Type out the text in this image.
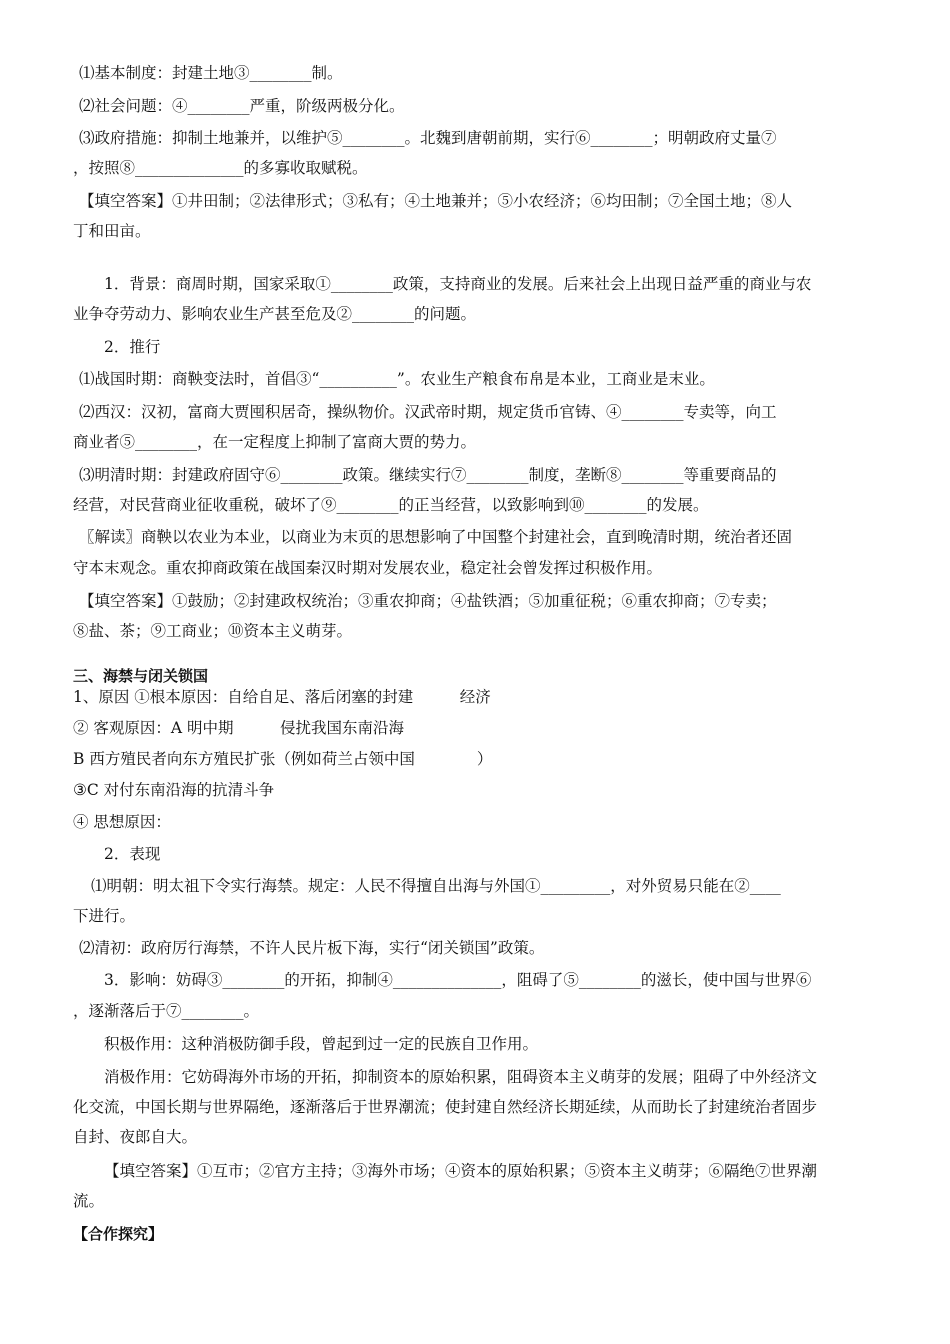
⑴基本制度：封建土地③________制。
⑵社会问题：④________严重，阶级两极分化。
⑶政府措施：抑制土地兼并，以维护⑤________。北魏到唐朝前期，实行⑥________；明朝政府丈量⑦
，按照⑧______________的多寡收取赋税。
【填空答案】①井田制；②法律形式；③私有；④土地兼并；⑤小农经济；⑥均田制；⑦全国土地；⑧人
丁和田亩。
1．背景：商周时期，国家采取①________政策，支持商业的发展。后来社会上出现日益严重的商业与农
业争夺劳动力、影响农业生产甚至危及②________的问题。
2．推行
⑴战国时期：商鞅变法时，首倡③“__________”。农业生产粮食布帛是本业，工商业是末业。
⑵西汉：汉初，富商大贾囤积居奇，操纵物价。汉武帝时期，规定货币官铸、④________专卖等，向工
商业者⑤________，在一定程度上抑制了富商大贾的势力。
⑶明清时期：封建政府固守⑥________政策。继续实行⑦________制度，垄断⑧________等重要商品的
经营，对民营商业征收重税，破坏了⑨________的正当经营，以致影响到⑩________的发展。
〖解读〗商鞅以农业为本业，以商业为末页的思想影响了中国整个封建社会，直到晚清时期，统治者还固
守本末观念。重农抑商政策在战国秦汉时期对发展农业，稳定社会曾发挥过积极作用。
【填空答案】①鼓励；②封建政权统治；③重农抑商；④盐铁酒；⑤加重征税；⑥重农抑商；⑦专卖；
⑧盐、茶；⑨工商业；⑩资本主义萌芽。
三、海禁与闭关锁国
1、原因 ①根本原因：自给自足、落后闭塞的封建　　　经济
② 客观原因：A 明中期　　　侵扰我国东南沿海
B 西方殖民者向东方殖民扩张（例如荷兰占领中国　　　　）
③C 对付东南沿海的抗清斗争
④ 思想原因：
2．表现
⑴明朝：明太祖下令实行海禁。规定：人民不得擅自出海与外国①_________，对外贸易只能在②____
下进行。
⑵清初：政府厉行海禁，不许人民片板下海，实行“闭关锁国”政策。
3．影响：妨碍③________的开拓，抑制④______________，阻碍了⑤________的滋长，使中国与世界⑥
，逐渐落后于⑦________。
积极作用：这种消极防御手段，曾起到过一定的民族自卫作用。
消极作用：它妨碍海外市场的开拓，抑制资本的原始积累，阻碍资本主义萌芽的发展；阻碍了中外经济文
化交流，中国长期与世界隔绝，逐渐落后于世界潮流；使封建自然经济长期延续，从而助长了封建统治者固步
自封、夜郎自大。
【填空答案】①互市；②官方主持；③海外市场；④资本的原始积累；⑤资本主义萌芽；⑥隔绝⑦世界潮
流。
【合作探究】
